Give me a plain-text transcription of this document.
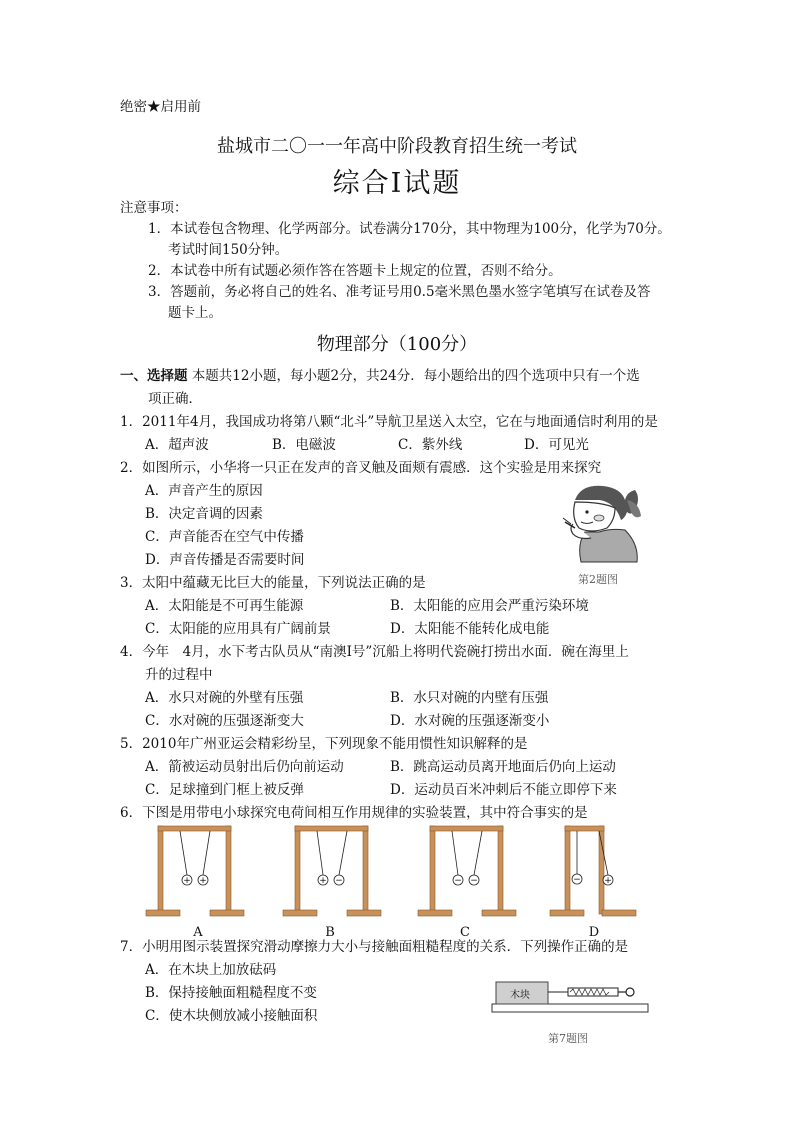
绝密★启用前
盐城市二〇一一年高中阶段教育招生统一考试
综合Ⅰ试题
注意事项：
1．本试卷包含物理、化学两部分。试卷满分170分，其中物理为100分，化学为70分。
考试时间150分钟。
2．本试卷中所有试题必须作答在答题卡上规定的位置，否则不给分。
3．答题前，务必将自己的姓名、准考证号用0.5毫米黑色墨水签字笔填写在试卷及答
题卡上。
物理部分（100分）
一、选择题 本题共12小题，每小题2分，共24分．每小题给出的四个选项中只有一个选
项正确．
1．2011年4月，我国成功将第八颗“北斗”导航卫星送入太空，它在与地面通信时利用的是
A．超声波	B．电磁波	C．紫外线	D．可见光
2．如图所示，小华将一只正在发声的音叉触及面颊有震感．这个实验是用来探究
A．声音产生的原因
B．决定音调的因素
C．声音能否在空气中传播
D．声音传播是否需要时间
第2题图
3．太阳中蕴藏无比巨大的能量，下列说法正确的是
A．太阳能是不可再生能源	B．太阳能的应用会严重污染环境
C．太阳能的应用具有广阔前景	D．太阳能不能转化成电能
4．今年　4月，水下考古队员从“南澳Ⅰ号”沉船上将明代瓷碗打捞出水面．碗在海里上
升的过程中
A．水只对碗的外壁有压强	B．水只对碗的内壁有压强
C．水对碗的压强逐渐变大	D．水对碗的压强逐渐变小
5．2010年广州亚运会精彩纷呈，下列现象不能用惯性知识解释的是
A．箭被运动员射出后仍向前运动	B．跳高运动员离开地面后仍向上运动
C．足球撞到门框上被反弹	D．运动员百米冲刺后不能立即停下来
6．下图是用带电小球探究电荷间相互作用规律的实验装置，其中符合事实的是
+ +	+ −	− −	−	+
A	B	C	D
7．小明用图示装置探究滑动摩擦力大小与接触面粗糙程度的关系．下列操作正确的是
A．在木块上加放砝码
B．保持接触面粗糙程度不变
C．使木块侧放减小接触面积
木块
第7题图
